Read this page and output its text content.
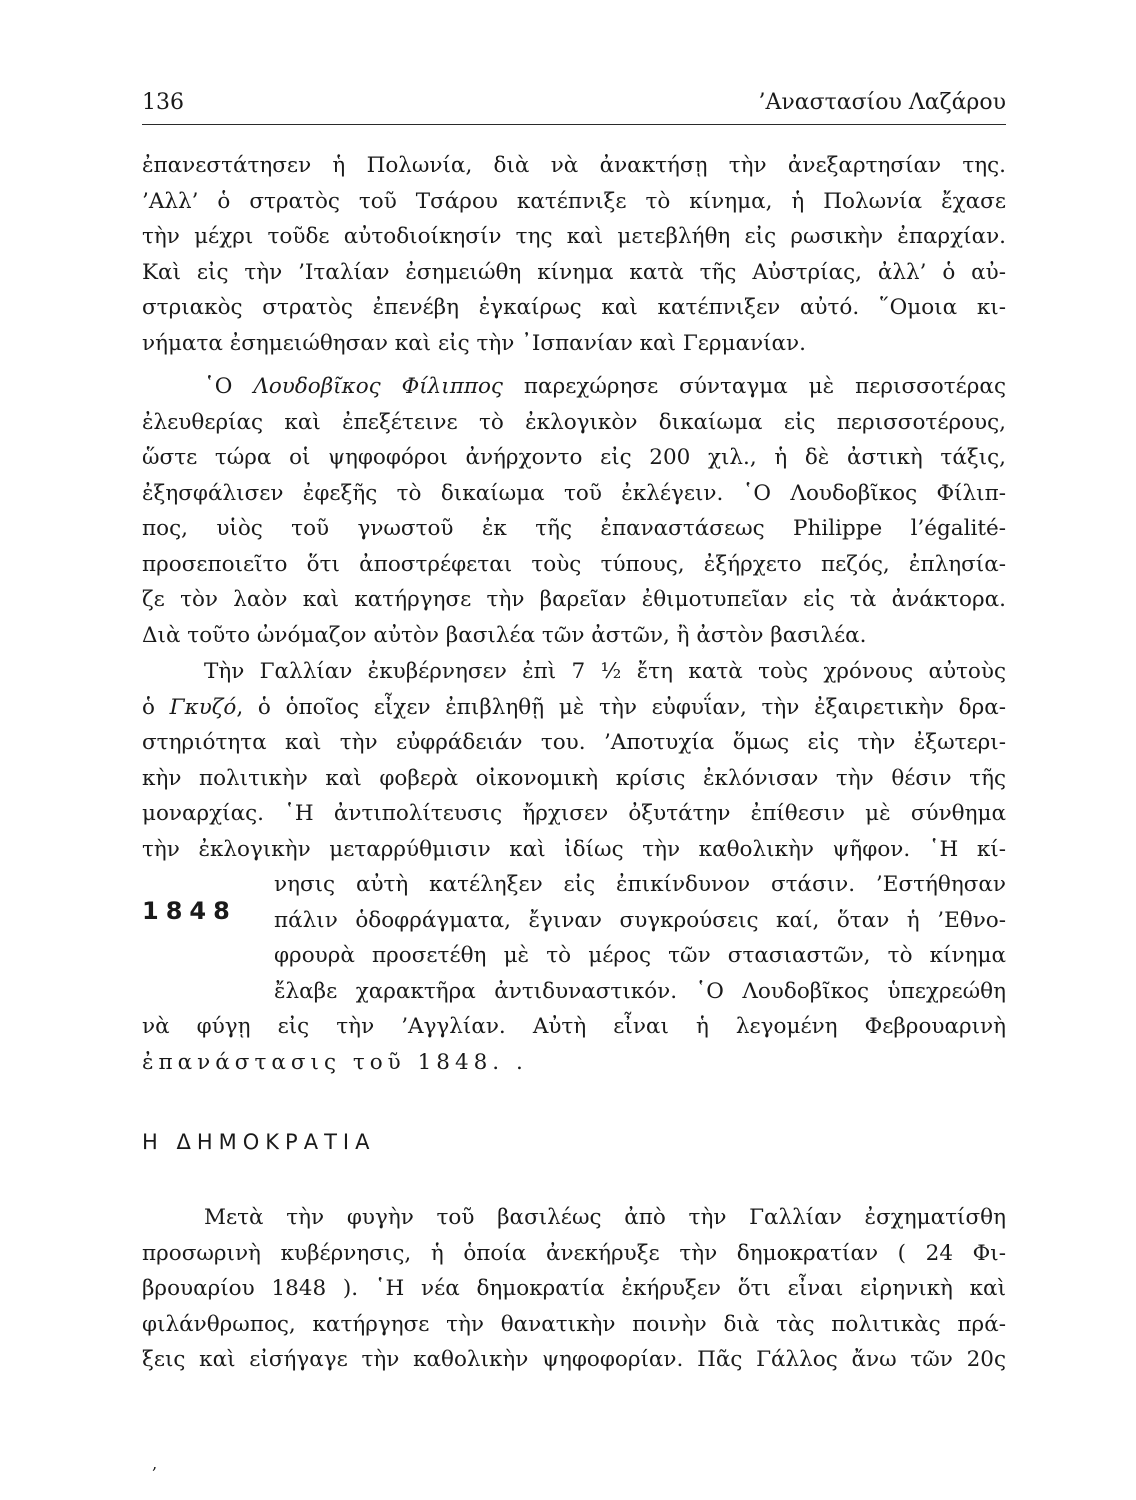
136	’Αναστασίου Λαζάρου
ἐπανεστάτησεν ἡ Πολωνία, διὰ νὰ ἀνακτήσῃ τὴν ἀνεξαρτησίαν της.
’Αλλ’ ὁ στρατὸς τοῦ Τσάρου κατέπνιξε τὸ κίνημα, ἡ Πολωνία ἔχασε
τὴν μέχρι τοῦδε αὐτοδιοίκησίν της καὶ μετεβλήθη εἰς ρωσικὴν ἐπαρχίαν.
Καὶ εἰς τὴν ’Ιταλίαν ἐσημειώθη κίνημα κατὰ τῆς Αὐστρίας, ἀλλ’ ὁ αὐ-
στριακὸς στρατὸς ἐπενέβη ἐγκαίρως καὶ κατέπνιξεν αὐτό. ῞Ομοια κι-
νήματα ἐσημειώθησαν καὶ εἰς τὴν ᾽Ισπανίαν καὶ Γερμανίαν.
῾Ο Λουδοβῖκος Φίλιππος παρεχώρησε σύνταγμα μὲ περισσοτέρας
ἐλευθερίας καὶ ἐπεξέτεινε τὸ ἐκλογικὸν δικαίωμα εἰς περισσοτέρους,
ὥστε τώρα οἱ ψηφοφόροι ἀνήρχοντο εἰς 200 χιλ., ἡ δὲ ἀστικὴ τάξις,
ἐξησφάλισεν ἐφεξῆς τὸ δικαίωμα τοῦ ἐκλέγειν. ῾Ο Λουδοβῖκος Φίλιπ-
πος, υἱὸς τοῦ γνωστοῦ ἐκ τῆς ἐπαναστάσεως Philippe l’égalité-
προσεποιεῖτο ὅτι ἀποστρέφεται τοὺς τύπους, ἐξήρχετο πεζός, ἐπλησία-
ζε τὸν λαὸν καὶ κατήργησε τὴν βαρεῖαν ἐθιμοτυπεῖαν εἰς τὰ ἀνάκτορα.
Διὰ τοῦτο ὠνόμαζον αὐτὸν βασιλέα τῶν ἀστῶν, ἢ ἀστὸν βασιλέα.
Τὴν Γαλλίαν ἐκυβέρνησεν ἐπὶ 7 ½ ἔτη κατὰ τοὺς χρόνους αὐτοὺς
ὁ Γκυζό, ὁ ὁποῖος εἶχεν ἐπιβληθῇ μὲ τὴν εὐφυΐαν, τὴν ἐξαιρετικὴν δρα-
στηριότητα καὶ τὴν εὐφράδειάν του. ’Αποτυχία ὅμως εἰς τὴν ἐξωτερι-
κὴν πολιτικὴν καὶ φοβερὰ οἰκονομικὴ κρίσις ἐκλόνισαν τὴν θέσιν τῆς
μοναρχίας. ῾Η ἀντιπολίτευσις ἤρχισεν ὀξυτάτην ἐπίθεσιν μὲ σύνθημα
τὴν ἐκλογικὴν μεταρρύθμισιν καὶ ἰδίως τὴν καθολικὴν ψῆφον. ῾Η κί-
νησις αὐτὴ κατέληξεν εἰς ἐπικίνδυνον στάσιν. ’Εστήθησαν
πάλιν ὁδοφράγματα, ἔγιναν συγκρούσεις καί, ὅταν ἡ ’Εθνο-
φρουρὰ προσετέθη μὲ τὸ μέρος τῶν στασιαστῶν, τὸ κίνημα
ἔλαβε χαρακτῆρα ἀντιδυναστικόν. ῾Ο Λουδοβῖκος ὑπεχρεώθη
νὰ φύγῃ εἰς τὴν ’Αγγλίαν. Αὐτὴ εἶναι ἡ λεγομένη Φεβρουαρινὴ
ἐπανάστασις τοῦ 1848. .
1848
Η ΔΗΜΟΚΡΑΤΙΑ
Μετὰ τὴν φυγὴν τοῦ βασιλέως ἀπὸ τὴν Γαλλίαν ἐσχηματίσθη
προσωρινὴ κυβέρνησις, ἡ ὁποία ἀνεκήρυξε τὴν δημοκρατίαν ( 24 Φι-
βρουαρίου 1848 ). ῾Η νέα δημοκρατία ἐκήρυξεν ὅτι εἶναι εἰρηνικὴ καὶ
φιλάνθρωπος, κατήργησε τὴν θανατικὴν ποινὴν διὰ τὰς πολιτικὰς πρά-
ξεις καὶ εἰσήγαγε τὴν καθολικὴν ψηφοφορίαν. Πᾶς Γάλλος ἄνω τῶν 20ς
‚
